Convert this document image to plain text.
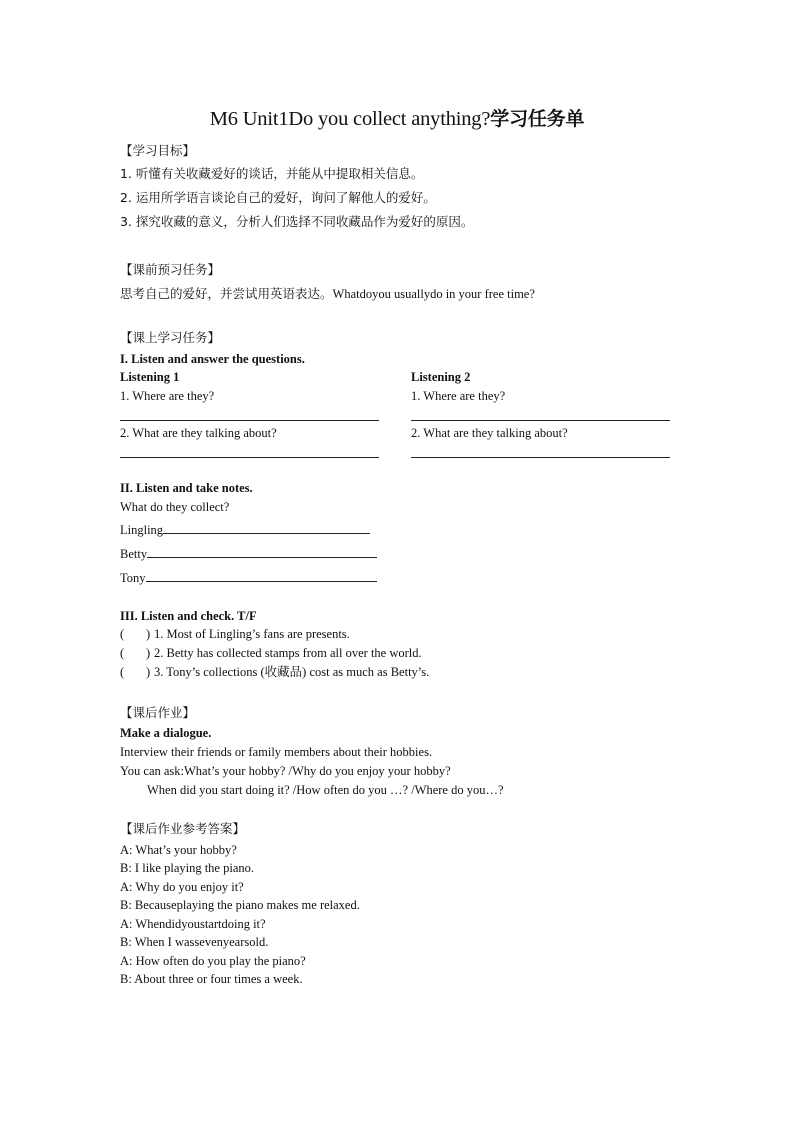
M6 Unit1Do you collect anything?学习任务单
【学习目标】
1. 听懂有关收藏爱好的谈话，并能从中提取相关信息。
2. 运用所学语言谈论自己的爱好，询问了解他人的爱好。
3. 探究收藏的意义，分析人们选择不同收藏品作为爱好的原因。
【课前预习任务】
思考自己的爱好，并尝试用英语表达。Whatdoyou usuallydo in your free time?
【课上学习任务】
I. Listen and answer the questions.
Listening 1	Listening 2
1. Where are they?	1. Where are they?
2. What are they talking about?	2. What are they talking about?
II. Listen and take notes.
What do they collect?
Lingling
Betty
Tony
III. Listen and check. T/F
( ) 1. Most of Lingling’s fans are presents.
( ) 2. Betty has collected stamps from all over the world.
( ) 3. Tony’s collections (收藏品) cost as much as Betty’s.
【课后作业】
Make a dialogue.
Interview their friends or family members about their hobbies.
You can ask:What’s your hobby? /Why do you enjoy your hobby?
When did you start doing it? /How often do you …? /Where do you…?
【课后作业参考答案】
A: What’s your hobby?
B: I like playing the piano.
A: Why do you enjoy it?
B: Becauseplaying the piano makes me relaxed.
A: Whendidyoustartdoing it?
B: When I wassevenyearsold.
A: How often do you play the piano?
B: About three or four times a week.
